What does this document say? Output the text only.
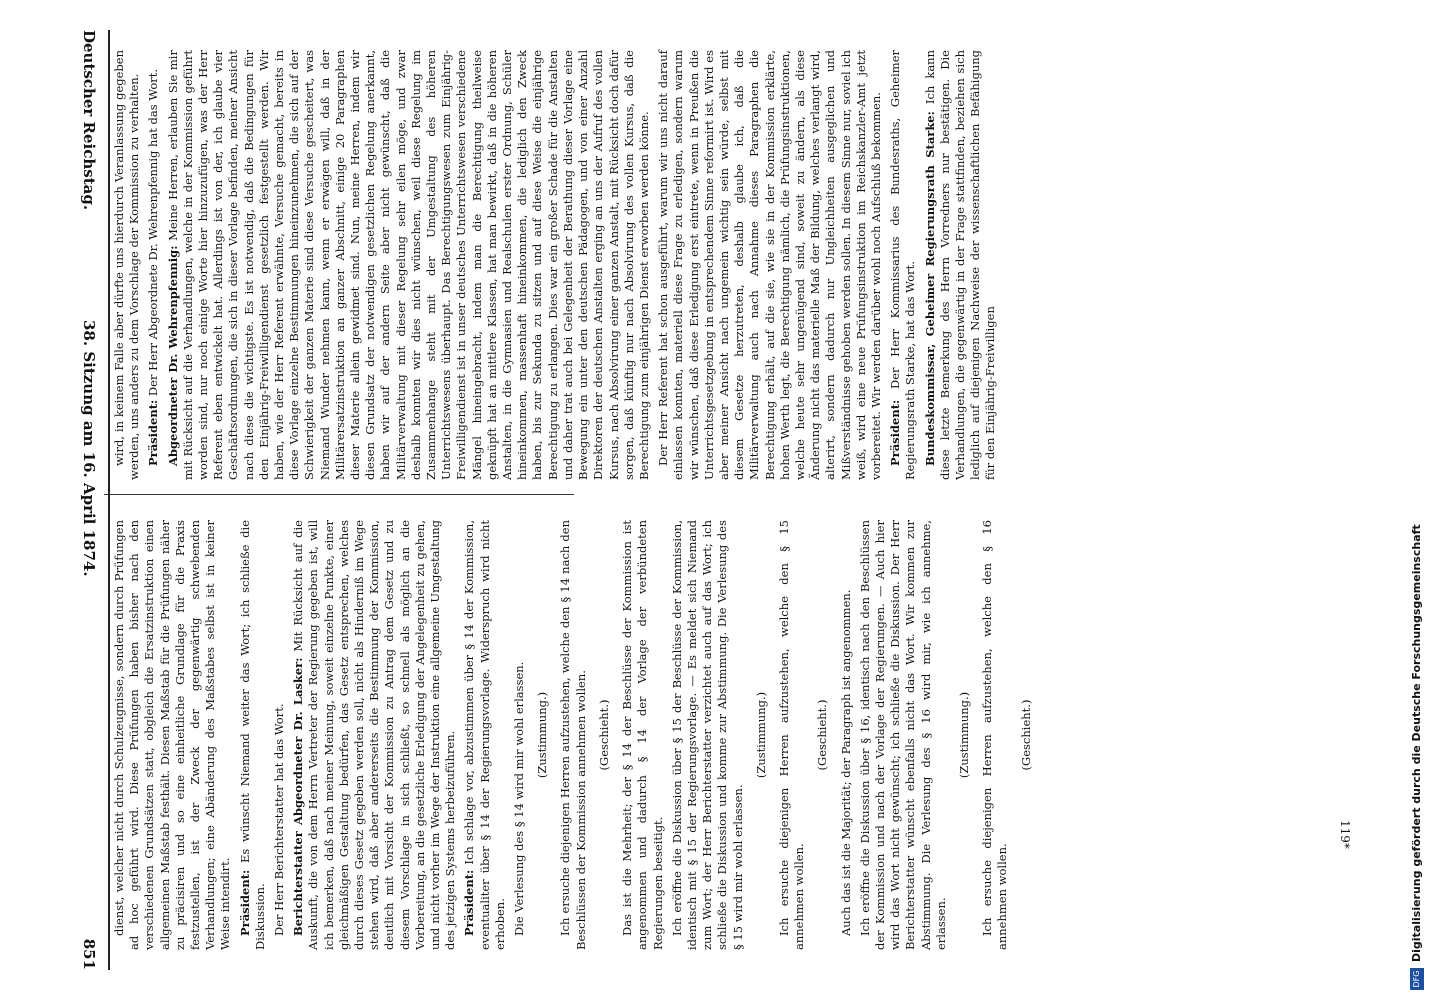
Deutscher Reichstag.
38. Sitzung am 16. April 1874.
851

wird, in keinem Falle aber dürfte uns hierdurch Veranlassung gegeben werden, uns anders zu dem Vorschlage der Kommission zu verhalten. Präsident: Der Herr Abgeordnete Dr. Wehrenpfennig hat das Wort. Abgeordneter Dr. Wehrenpfennig: Meine Herren, erlauben Sie mir mit Rücksicht auf die Verhandlungen, welche in der Kommission geführt worden sind, nur noch einige Worte hier hinzuzufügen, was der Herr Referent eben entwickelt hat. Allerdings ist von der, ich glaube vier Geschäftsordnungen, die sich in dieser Vorlage befinden, meiner Ansicht nach diese die wichtigste. Es ist notwendig, daß die Bedingungen für den Einjährig-Freiwilligendienst gesetzlich festgestellt werden. Wir haben, wie der Herr Referent erwähnte, Versuche gemacht, bereits in diese Vorlage einzelne Bestimmungen hineinzunehmen, die sich auf der Schwierigkeit der ganzen Materie sind diese Versuche gescheitert, was Niemand Wunder nehmen kann, wenn er erwägen will, daß in der Militärersatzinstruktion an ganzer Abschnitt, einige 20 Paragraphen dieser Materie allein gewidmet sind. Nun, meine Herren, indem wir diesen Grundsatz der notwendigen gesetzlichen Regelung anerkannt, haben wir auf der andern Seite aber nicht gewünscht, daß die Militärverwaltung mit dieser Regelung sehr eilen möge, und zwar deshalb konnten wir dies nicht wünschen, weil diese Regelung im Zusammenhange steht mit der Umgestaltung des höheren Unterrichtswesens überhaupt. Das Berechtigungswesen zum Einjährig-Freiwilligendienst ist in unser deutsches Unterrichtswesen verschiedene Mängel hineingebracht, indem man die Berechtigung theilweise geknüpft hat an mittlere Klassen, hat man bewirkt, daß in die höheren Anstalten, in die Gymnasien und Realschulen erster Ordnung, Schüler hineinkommen, massenhaft hineinkommen, die lediglich den Zweck haben, bis zur Sekunda zu sitzen und auf diese Weise die einjährige Berechtigung zu erlangen. Dies war ein großer Schade für die Anstalten und daher trat auch bei Gelegenheit der Berathung dieser Vorlage eine Bewegung ein unter den deutschen Pädagogen, und von einer Anzahl Direktoren der deutschen Anstalten erging an uns der Aufruf des vollen Kursus, nach Absolvirung einer ganzen Anstalt, mit Rücksicht doch dafür sorgen, daß künftig nur nach Absolvirung des vollen Kursus, daß die Berechtigung zum einjährigen Dienst erworben werden könne. Der Herr Referent hat schon ausgeführt, warum wir uns nicht darauf einlassen konnten, materiell diese Frage zu erledigen, sondern warum wir wünschen, daß diese Erledigung erst eintrete, wenn in Preußen die Unterrichtsgesetzgebung in entsprechendem Sinne reformirt ist. Wird es aber meiner Ansicht nach ungemein wichtig sein würde, selbst mit diesem Gesetze herzutreten, deshalb glaube ich, daß die Militärverwaltung auch nach Annahme dieses Paragraphen die Berechtigung erhält, auf die sie, wie sie in der Kommission erklärte, hohen Werth legt, die Berechtigung nämlich, die Prüfungsinstruktionen, welche heute sehr ungenügend sind, soweit zu ändern, als diese Änderung nicht das materielle Maß der Bildung, welches verlangt wird, alterirt, sondern dadurch nur Ungleichheiten ausgeglichen und Mißverständnisse gehoben werden sollen. In diesem Sinne nur, soviel ich weiß, wird eine neue Prüfungsinstruktion im Reichskanzler-Amt jetzt vorbereitet. Wir werden darüber wohl noch Aufschluß bekommen. Präsident: Der Herr Kommissarius des Bundesraths, Geheimer Regierungsrath Starke, hat das Wort. Bundeskommissar, Geheimer Regierungsrath Starke: Ich kann diese letzte Bemerkung des Herrn Vorredners nur bestätigen. Die Verhandlungen, die gegenwärtig in der Frage stattfinden, beziehen sich lediglich auf diejenigen Nachweise der wissenschaftlichen Befähigung für den Einjährig-Freiwilligen

dienst, welcher nicht durch Schulzeugnisse, sondern durch Prüfungen ad hoc geführt wird. Diese Prüfungen haben bisher nach den verschiedenen Grundsätzen statt, obgleich die Ersatzinstruktion einen allgemeinen Maßstab festhält. Diesen Maßstab für die Prüfungen näher zu präcisiren und so eine einheitliche Grundlage für die Praxis festzustellen, ist der Zweck der gegenwärtig schwebenden Verhandlungen; eine Abänderung des Maßstabes selbst ist in keiner Weise intendirt. Präsident: Es wünscht Niemand weiter das Wort; ich schließe die Diskussion. Der Herr Berichterstatter hat das Wort. Berichterstatter Abgeordneter Dr. Lasker: Mit Rücksicht auf die Auskunft, die von dem Herrn Vertreter der Regierung gegeben ist, will ich bemerken, daß nach meiner Meinung, soweit einzelne Punkte, einer gleichmäßigen Gestaltung bedürfen, das Gesetz entsprechen, welches durch dieses Gesetz gegeben werden soll, nicht als Hinderniß im Wege stehen wird, daß aber andererseits die Bestimmung der Kommission, deutlich mit Vorsicht der Kommission zu Antrag dem Gesetz und zu diesem Vorschlage in sich schließt, so schnell als möglich an die Vorbereitung, an die gesetzliche Erledigung der Angelegenheit zu gehen, und nicht vorher im Wege der Instruktion eine allgemeine Umgestaltung des jetzigen Systems herbeizuführen. Präsident: Ich schlage vor, abzustimmen über § 14 der Kommission, eventualiter über § 14 der Regierungsvorlage. Widerspruch wird nicht erhoben. Die Verlesung des § 14 wird mir wohl erlassen. (Zustimmung.) Ich ersuche diejenigen Herren aufzustehen, welche den § 14 nach den Beschlüssen der Kommission annehmen wollen. (Geschieht.) Das ist die Mehrheit; der § 14 der Beschlüsse der Kommission ist angenommen und dadurch § 14 der Vorlage der verbündeten Regierungen beseitigt. Ich eröffne die Diskussion über § 15 der Beschlüsse der Kommission, identisch mit § 15 der Regierungsvorlage. — Es meldet sich Niemand zum Wort; der Herr Berichterstatter verzichtet auch auf das Wort; ich schließe die Diskussion und komme zur Abstimmung. Die Verlesung des § 15 wird mir wohl erlassen.

(Zustimmung.) Ich ersuche diejenigen Herren aufzustehen, welche den § 15 annehmen wollen.

(Geschieht.) Auch das ist die Majorität; der Paragraph ist angenommen. Ich eröffne die Diskussion über § 16, identisch nach den Beschlüssen der Kommission und nach der Vorlage der Regierungen. — Auch hier wird das Wort nicht gewünscht; ich schließe die Diskussion. Der Herr Berichterstatter wünscht ebenfalls nicht das Wort. Wir kommen zur Abstimmung. Die Verlesung des § 16 wird mir, wie ich annehme, erlassen.

(Zustimmung.) Ich ersuche diejenigen Herren aufzustehen, welche den § 16 annehmen wollen.

(Geschieht.)

119*
DFG
Digitalisierung gefördert durch die Deutsche Forschungsgemeinschaft
